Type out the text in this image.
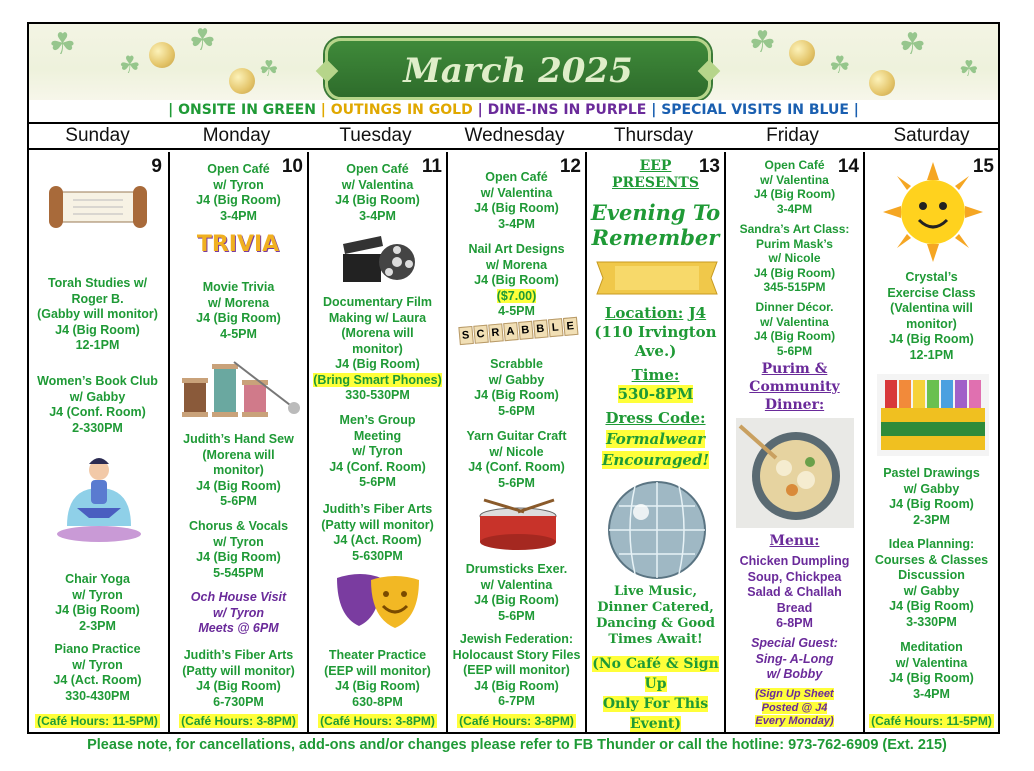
☘
☘
☘
☘
☘
☘
☘
☘
March 2025
| ONSITE IN GREEN | OUTINGS IN GOLD | DINE-INS IN PURPLE | SPECIAL VISITS IN BLUE |
Sunday	Monday	Tuesday	Wednesday	Thursday	Friday	Saturday
9
Torah Studies w/
Roger B.
(Gabby will monitor)
J4 (Big Room)
12-1PM
Women’s Book Club
w/ Gabby
J4 (Conf. Room)
2-330PM
Chair Yoga
w/ Tyron
J4 (Big Room)
2-3PM
Piano Practice
w/ Tyron
J4 (Act. Room)
330-430PM
(Café Hours: 11-5PM)
10
Open Café
w/ Tyron
J4 (Big Room)
3-4PM
TRIVIA
Movie Trivia
w/ Morena
J4 (Big Room)
4-5PM
Judith’s Hand Sew
(Morena will
monitor)
J4 (Big Room)
5-6PM
Chorus & Vocals
w/ Tyron
J4 (Big Room)
5-545PM
Och House Visit
w/ Tyron
Meets @ 6PM
Judith’s Fiber Arts
(Patty will monitor)
J4 (Big Room)
6-730PM
(Café Hours: 3-8PM)
11
Open Café
w/ Valentina
J4 (Big Room)
3-4PM
Documentary Film
Making w/ Laura
(Morena will
monitor)
J4 (Big Room)
(Bring Smart Phones)
330-530PM
Men’s Group
Meeting
w/ Tyron
J4 (Conf. Room)
5-6PM
Judith’s Fiber Arts
(Patty will monitor)
J4 (Act. Room)
5-630PM
Theater Practice
(EEP will monitor)
J4 (Big Room)
630-8PM
(Café Hours: 3-8PM)
12
Open Café
w/ Valentina
J4 (Big Room)
3-4PM
Nail Art Designs
w/ Morena
J4 (Big Room)
($7.00)
4-5PM
S C R A B B L E
Scrabble
w/ Gabby
J4 (Big Room)
5-6PM
Yarn Guitar Craft
w/ Nicole
J4 (Conf. Room)
5-6PM
Drumsticks Exer.
w/ Valentina
J4 (Big Room)
5-6PM
Jewish Federation:
Holocaust Story Files
(EEP will monitor)
J4 (Big Room)
6-7PM
(Café Hours: 3-8PM)
13
EEP
PRESENTS
Evening To
Remember
Location: J4
(110 Irvington
Ave.)
Time:
530-8PM
Dress Code:
Formalwear
Encouraged!
Live Music,
Dinner Catered,
Dancing & Good
Times Await!
(No Café & Sign Up
Only For This
Event)
14
Open Café
w/ Valentina
J4 (Big Room)
3-4PM
Sandra’s Art Class:
Purim Mask’s
w/ Nicole
J4 (Big Room)
345-515PM
Dinner Décor.
w/ Valentina
J4 (Big Room)
5-6PM
Purim &
Community
Dinner:
Menu:
Chicken Dumpling
Soup, Chickpea
Salad & Challah
Bread
6-8PM
Special Guest:
Sing- A-Long
w/ Bobby
(Sign Up Sheet
Posted @ J4
Every Monday)
15
Crystal’s
Exercise Class
(Valentina will
monitor)
J4 (Big Room)
12-1PM
Pastel Drawings
w/ Gabby
J4 (Big Room)
2-3PM
Idea Planning:
Courses & Classes
Discussion
w/ Gabby
J4 (Big Room)
3-330PM
Meditation
w/ Valentina
J4 (Big Room)
3-4PM
(Café Hours: 11-5PM)
Please note, for cancellations, add-ons and/or changes please refer to FB Thunder or call the hotline: 973-762-6909 (Ext. 215)
